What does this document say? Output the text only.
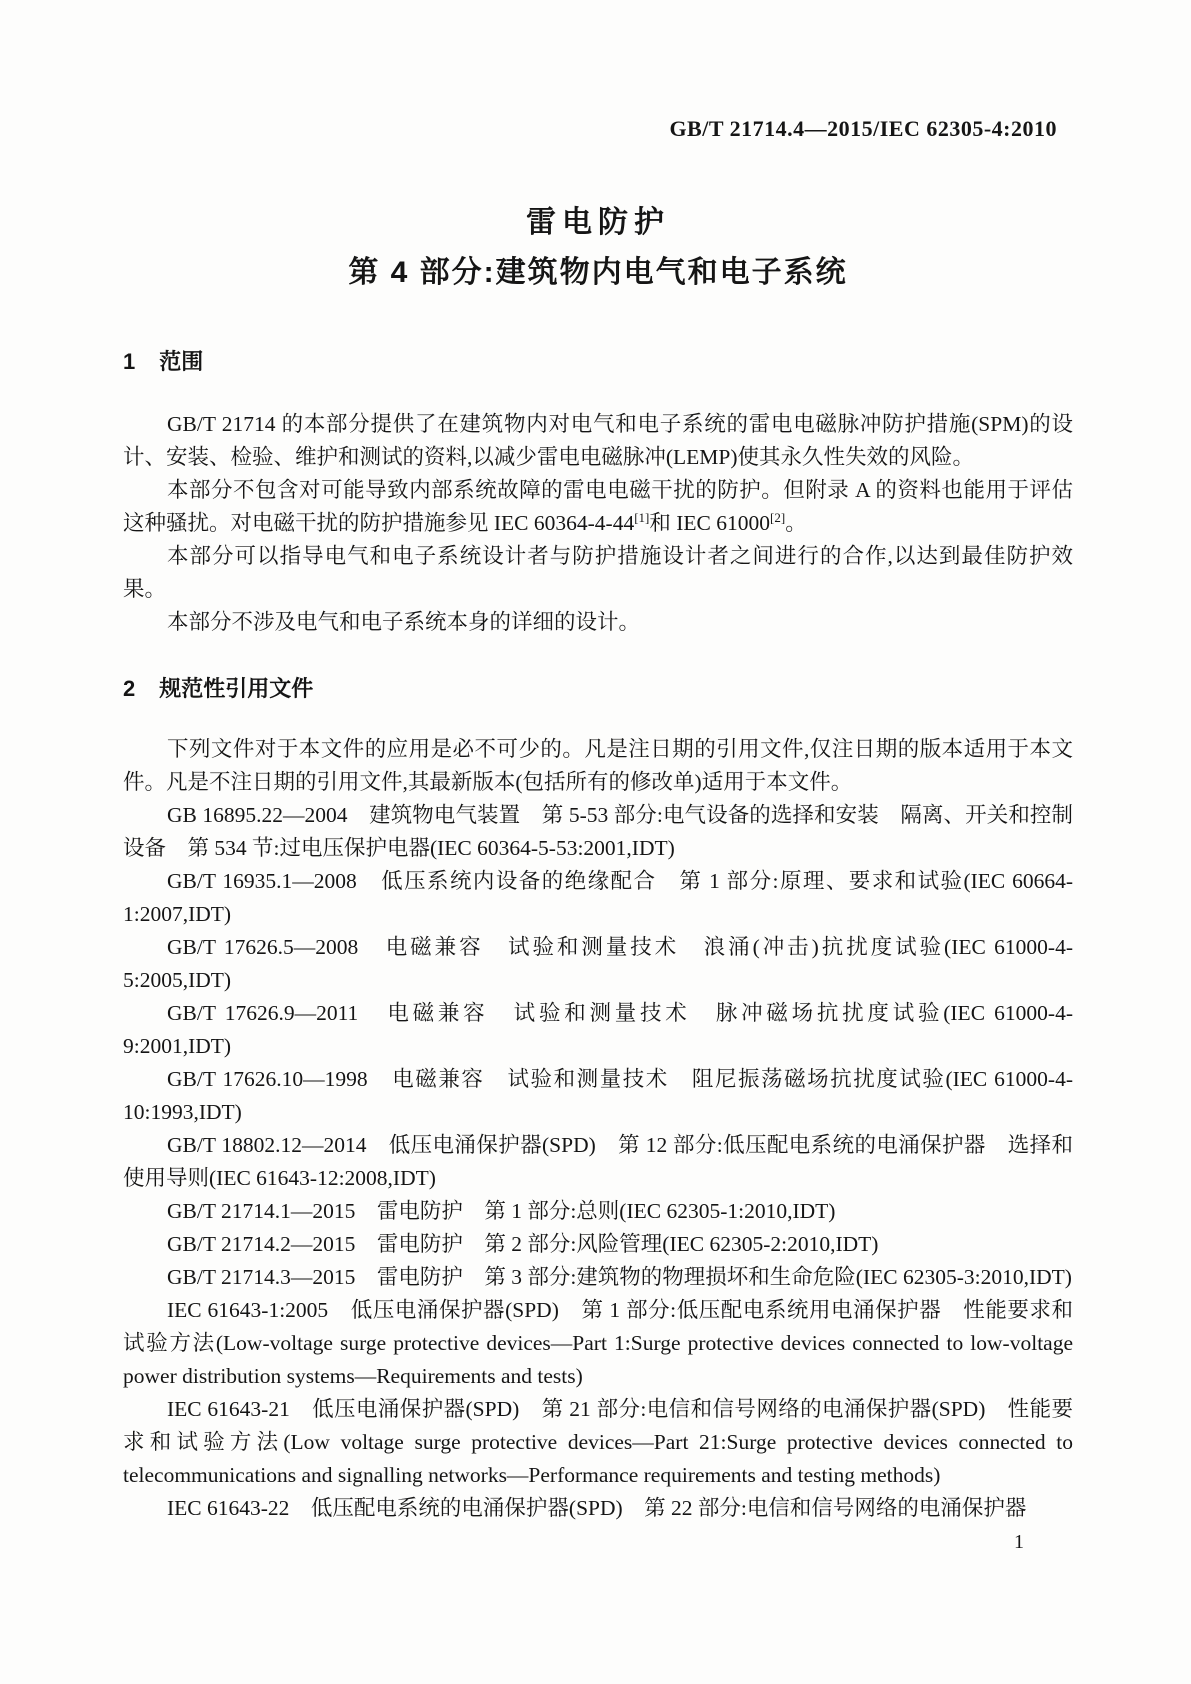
GB/T 21714.4—2015/IEC 62305-4:2010
雷电防护
第 4 部分:建筑物内电气和电子系统
1 范围

GB/T 21714 的本部分提供了在建筑物内对电气和电子系统的雷电电磁脉冲防护措施(SPM)的设计、安装、检验、维护和测试的资料,以减少雷电电磁脉冲(LEMP)使其永久性失效的风险。

本部分不包含对可能导致内部系统故障的雷电电磁干扰的防护。但附录 A 的资料也能用于评估这种骚扰。对电磁干扰的防护措施参见 IEC 60364-4-44[1]和 IEC 61000[2]。

本部分可以指导电气和电子系统设计者与防护措施设计者之间进行的合作,以达到最佳防护效果。

本部分不涉及电气和电子系统本身的详细的设计。

2 规范性引用文件

下列文件对于本文件的应用是必不可少的。凡是注日期的引用文件,仅注日期的版本适用于本文件。凡是不注日期的引用文件,其最新版本(包括所有的修改单)适用于本文件。

GB 16895.22—2004　建筑物电气装置　第 5-53 部分:电气设备的选择和安装　隔离、开关和控制设备　第 534 节:过电压保护电器(IEC 60364-5-53:2001,IDT)

GB/T 16935.1—2008　低压系统内设备的绝缘配合　第 1 部分:原理、要求和试验(IEC 60664-1:2007,IDT)

GB/T 17626.5—2008　电磁兼容　试验和测量技术　浪涌(冲击)抗扰度试验(IEC 61000-4-5:2005,IDT)

GB/T 17626.9—2011　电磁兼容　试验和测量技术　脉冲磁场抗扰度试验(IEC 61000-4-9:2001,IDT)

GB/T 17626.10—1998　电磁兼容　试验和测量技术　阻尼振荡磁场抗扰度试验(IEC 61000-4-10:1993,IDT)

GB/T 18802.12—2014　低压电涌保护器(SPD)　第 12 部分:低压配电系统的电涌保护器　选择和使用导则(IEC 61643-12:2008,IDT)

GB/T 21714.1—2015　雷电防护　第 1 部分:总则(IEC 62305-1:2010,IDT)

GB/T 21714.2—2015　雷电防护　第 2 部分:风险管理(IEC 62305-2:2010,IDT)

GB/T 21714.3—2015　雷电防护　第 3 部分:建筑物的物理损坏和生命危险(IEC 62305-3:2010,IDT)

IEC 61643-1:2005　低压电涌保护器(SPD)　第 1 部分:低压配电系统用电涌保护器　性能要求和试验方法(Low-voltage surge protective devices—Part 1:Surge protective devices connected to low-voltage power distribution systems—Requirements and tests)

IEC 61643-21　低压电涌保护器(SPD)　第 21 部分:电信和信号网络的电涌保护器(SPD)　性能要求和试验方法(Low voltage surge protective devices—Part 21:Surge protective devices connected to telecommunications and signalling networks—Performance requirements and testing methods)

IEC 61643-22　低压配电系统的电涌保护器(SPD)　第 22 部分:电信和信号网络的电涌保护器

1
